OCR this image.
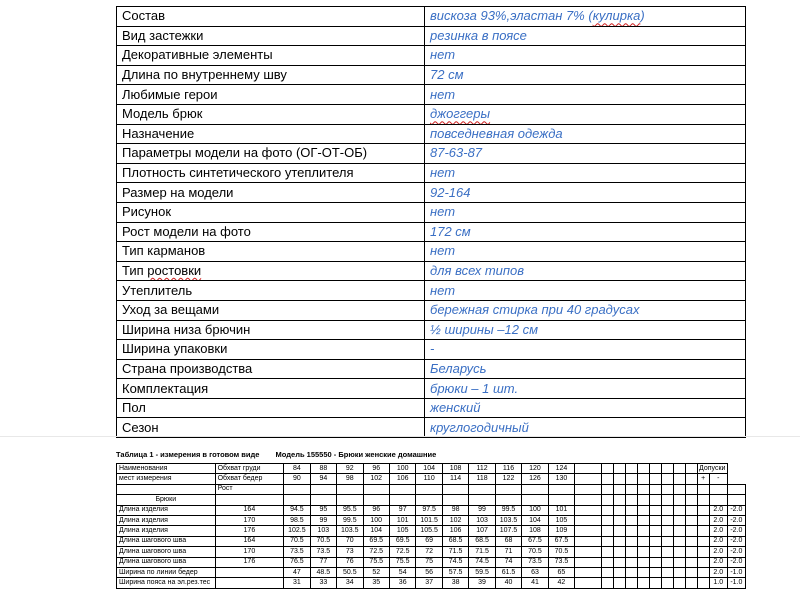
Состав	вискоза 93%,эластан 7% (кулирка)
Вид застежки	резинка в поясе
Декоративные элементы	нет
Длина по внутреннему шву	72 см
Любимые герои	нет
Модель брюк	джоггеры
Назначение	повседневная одежда
Параметры модели на фото (ОГ-ОТ-ОБ)	87-63-87
Плотность синтетического утеплителя	нет
Размер на модели	92-164
Рисунок	нет
Рост модели на фото	172 см
Тип карманов	нет
Тип ростовки	для всех типов
Утеплитель	нет
Уход за вещами	бережная стирка при 40 градусах
Ширина низа брючин	½ ширины –12 см
Ширина упаковки	-
Страна производства	Беларусь
Комплектация	брюки – 1 шт.
Пол	женский
Сезон	круглогодичный
Таблица 1 - измерения в готовом виде Модель 155550 - Брюки женские домашние
Наименования	Обхват груди	84	88	92	96	100	104	108	112	116	120	124										Допуски		
мест измерения	Обхват бедер	90	94	98	102	106	110	114	118	122	126	130										+	-	
	Рост																							
Брюки																								
Длина изделия	164	94.5	95	95.5	96	97	97.5	98	99	99.5	100	101											2.0	-2.0
Длина изделия	170	98.5	99	99.5	100	101	101.5	102	103	103.5	104	105											2.0	-2.0
Длина изделия	176	102.5	103	103.5	104	105	105.5	106	107	107.5	108	109											2.0	-2.0
Длина шагового шва	164	70.5	70.5	70	69.5	69.5	69	68.5	68.5	68	67.5	67.5											2.0	-2.0
Длина шагового шва	170	73.5	73.5	73	72.5	72.5	72	71.5	71.5	71	70.5	70.5											2.0	-2.0
Длина шагового шва	176	76.5	77	76	75.5	75.5	75	74.5	74.5	74	73.5	73.5											2.0	-2.0
Ширина по линии бедер		47	48.5	50.5	52	54	56	57.5	59.5	61.5	63	65											2.0	-1.0
Ширина пояса на эл.рез.тес		31	33	34	35	36	37	38	39	40	41	42											1.0	-1.0
